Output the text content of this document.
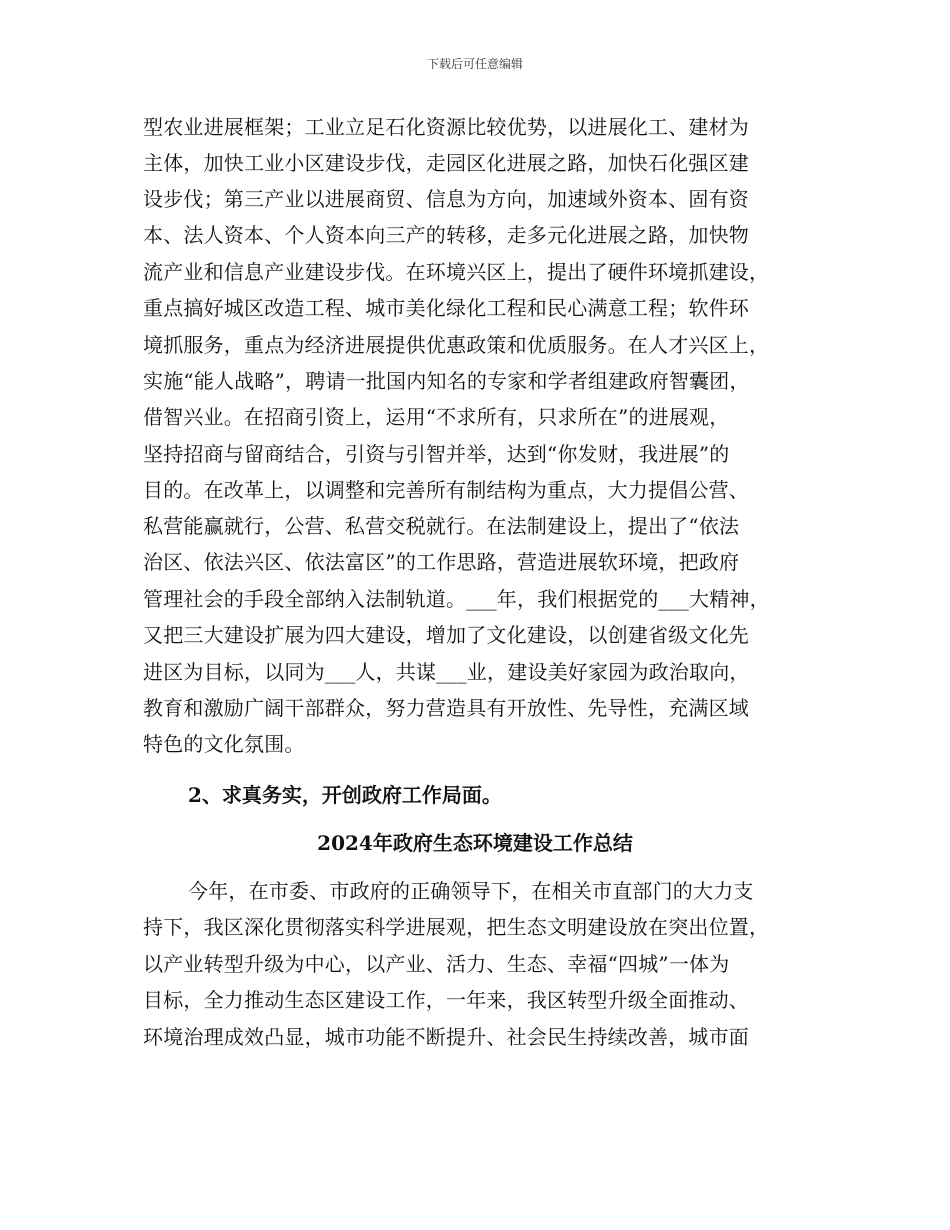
下载后可任意编辑
型农业进展框架；工业立足石化资源比较优势，以进展化工、建材为
主体，加快工业小区建设步伐，走园区化进展之路，加快石化强区建
设步伐；第三产业以进展商贸、信息为方向，加速域外资本、固有资
本、法人资本、个人资本向三产的转移，走多元化进展之路，加快物
流产业和信息产业建设步伐。在环境兴区上，提出了硬件环境抓建设，
重点搞好城区改造工程、城市美化绿化工程和民心满意工程；软件环
境抓服务，重点为经济进展提供优惠政策和优质服务。在人才兴区上，
实施“能人战略”，聘请一批国内知名的专家和学者组建政府智囊团，
借智兴业。在招商引资上，运用“不求所有，只求所在”的进展观，
坚持招商与留商结合，引资与引智并举，达到“你发财，我进展”的
目的。在改革上，以调整和完善所有制结构为重点，大力提倡公营、
私营能赢就行，公营、私营交税就行。在法制建设上，提出了“依法
治区、依法兴区、依法富区”的工作思路，营造进展软环境，把政府
管理社会的手段全部纳入法制轨道。___年，我们根据党的___大精神，
又把三大建设扩展为四大建设，增加了文化建设，以创建省级文化先
进区为目标，以同为___人，共谋___业，建设美好家园为政治取向，
教育和激励广阔干部群众，努力营造具有开放性、先导性，充满区域
特色的文化氛围。
2、求真务实，开创政府工作局面。
2024年政府生态环境建设工作总结
今年，在市委、市政府的正确领导下，在相关市直部门的大力支
持下，我区深化贯彻落实科学进展观，把生态文明建设放在突出位置，
以产业转型升级为中心，以产业、活力、生态、幸福“四城”一体为
目标，全力推动生态区建设工作，一年来，我区转型升级全面推动、
环境治理成效凸显，城市功能不断提升、社会民生持续改善，城市面
